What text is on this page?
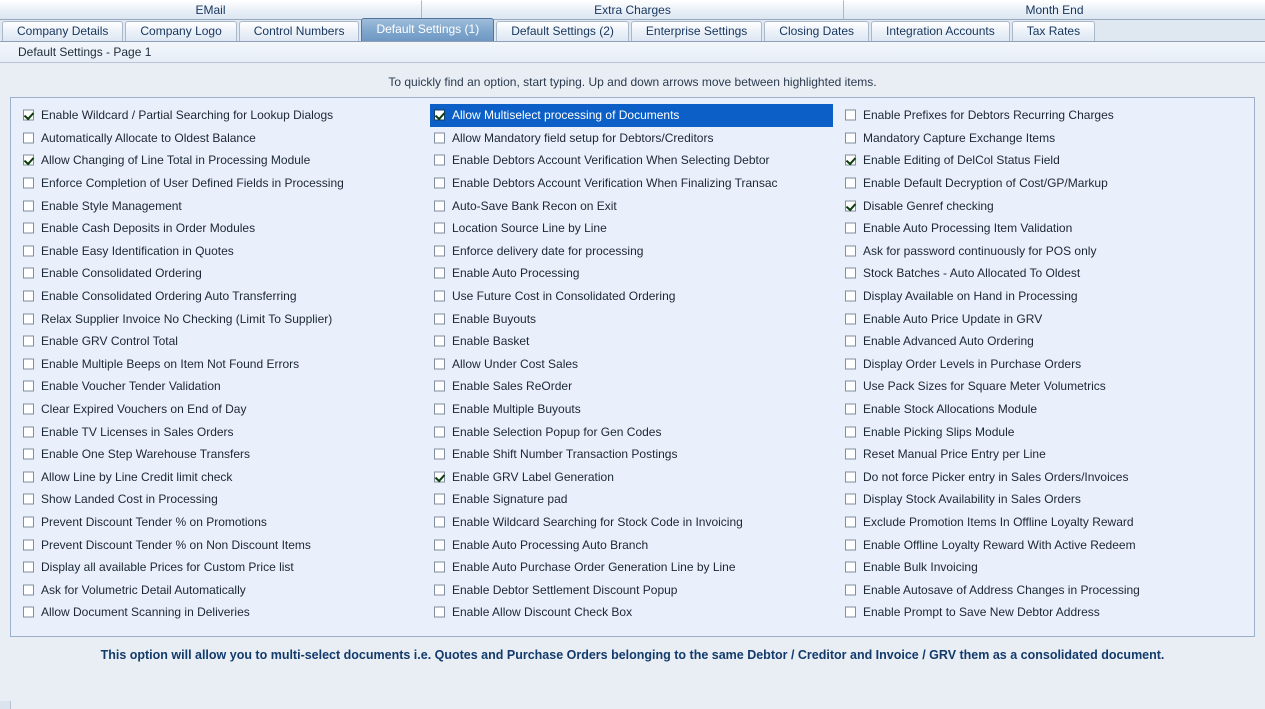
EMail	Extra Charges	Month End
Company Details	Company Logo	Control Numbers	Default Settings (1)	Default Settings (2)	Enterprise Settings	Closing Dates	Integration Accounts	Tax Rates
Default Settings - Page 1
To quickly find an option, start typing. Up and down arrows move between highlighted items.
Enable Wildcard / Partial Searching for Lookup Dialogs
Automatically Allocate to Oldest Balance
Allow Changing of Line Total in Processing Module
Enforce Completion of User Defined Fields in Processing
Enable Style Management
Enable Cash Deposits in Order Modules
Enable Easy Identification in Quotes
Enable Consolidated Ordering
Enable Consolidated Ordering Auto Transferring
Relax Supplier Invoice No Checking (Limit To Supplier)
Enable GRV Control Total
Enable Multiple Beeps on Item Not Found Errors
Enable Voucher Tender Validation
Clear Expired Vouchers on End of Day
Enable TV Licenses in Sales Orders
Enable One Step Warehouse Transfers
Allow Line by Line Credit limit check
Show Landed Cost in Processing
Prevent Discount Tender % on Promotions
Prevent Discount Tender % on Non Discount Items
Display all available Prices for Custom Price list
Ask for Volumetric Detail Automatically
Allow Document Scanning in Deliveries
Allow Multiselect processing of Documents
Allow Mandatory field setup for Debtors/Creditors
Enable Debtors Account Verification When Selecting Debtor
Enable Debtors Account Verification When Finalizing Transac
Auto-Save Bank Recon on Exit
Location Source Line by Line
Enforce delivery date for processing
Enable Auto Processing
Use Future Cost in Consolidated Ordering
Enable Buyouts
Enable Basket
Allow Under Cost Sales
Enable Sales ReOrder
Enable Multiple Buyouts
Enable Selection Popup for Gen Codes
Enable Shift Number Transaction Postings
Enable GRV Label Generation
Enable Signature pad
Enable Wildcard Searching for Stock Code in Invoicing
Enable Auto Processing Auto Branch
Enable Auto Purchase Order Generation Line by Line
Enable Debtor Settlement Discount Popup
Enable Allow Discount Check Box
Enable Prefixes for Debtors Recurring Charges
Mandatory Capture Exchange Items
Enable Editing of DelCol Status Field
Enable Default Decryption of Cost/GP/Markup
Disable Genref checking
Enable Auto Processing Item Validation
Ask for password continuously for POS only
Stock Batches - Auto Allocated To Oldest
Display Available on Hand in Processing
Enable Auto Price Update in GRV
Enable Advanced Auto Ordering
Display Order Levels in Purchase Orders
Use Pack Sizes for Square Meter Volumetrics
Enable Stock Allocations Module
Enable Picking Slips Module
Reset Manual Price Entry per Line
Do not force Picker entry in Sales Orders/Invoices
Display Stock Availability in Sales Orders
Exclude Promotion Items In Offline Loyalty Reward
Enable Offline Loyalty Reward With Active Redeem
Enable Bulk Invoicing
Enable Autosave of Address Changes in Processing
Enable Prompt to Save New Debtor Address
This option will allow you to multi-select documents i.e. Quotes and Purchase Orders belonging to the same Debtor / Creditor and Invoice / GRV them as a consolidated document.
